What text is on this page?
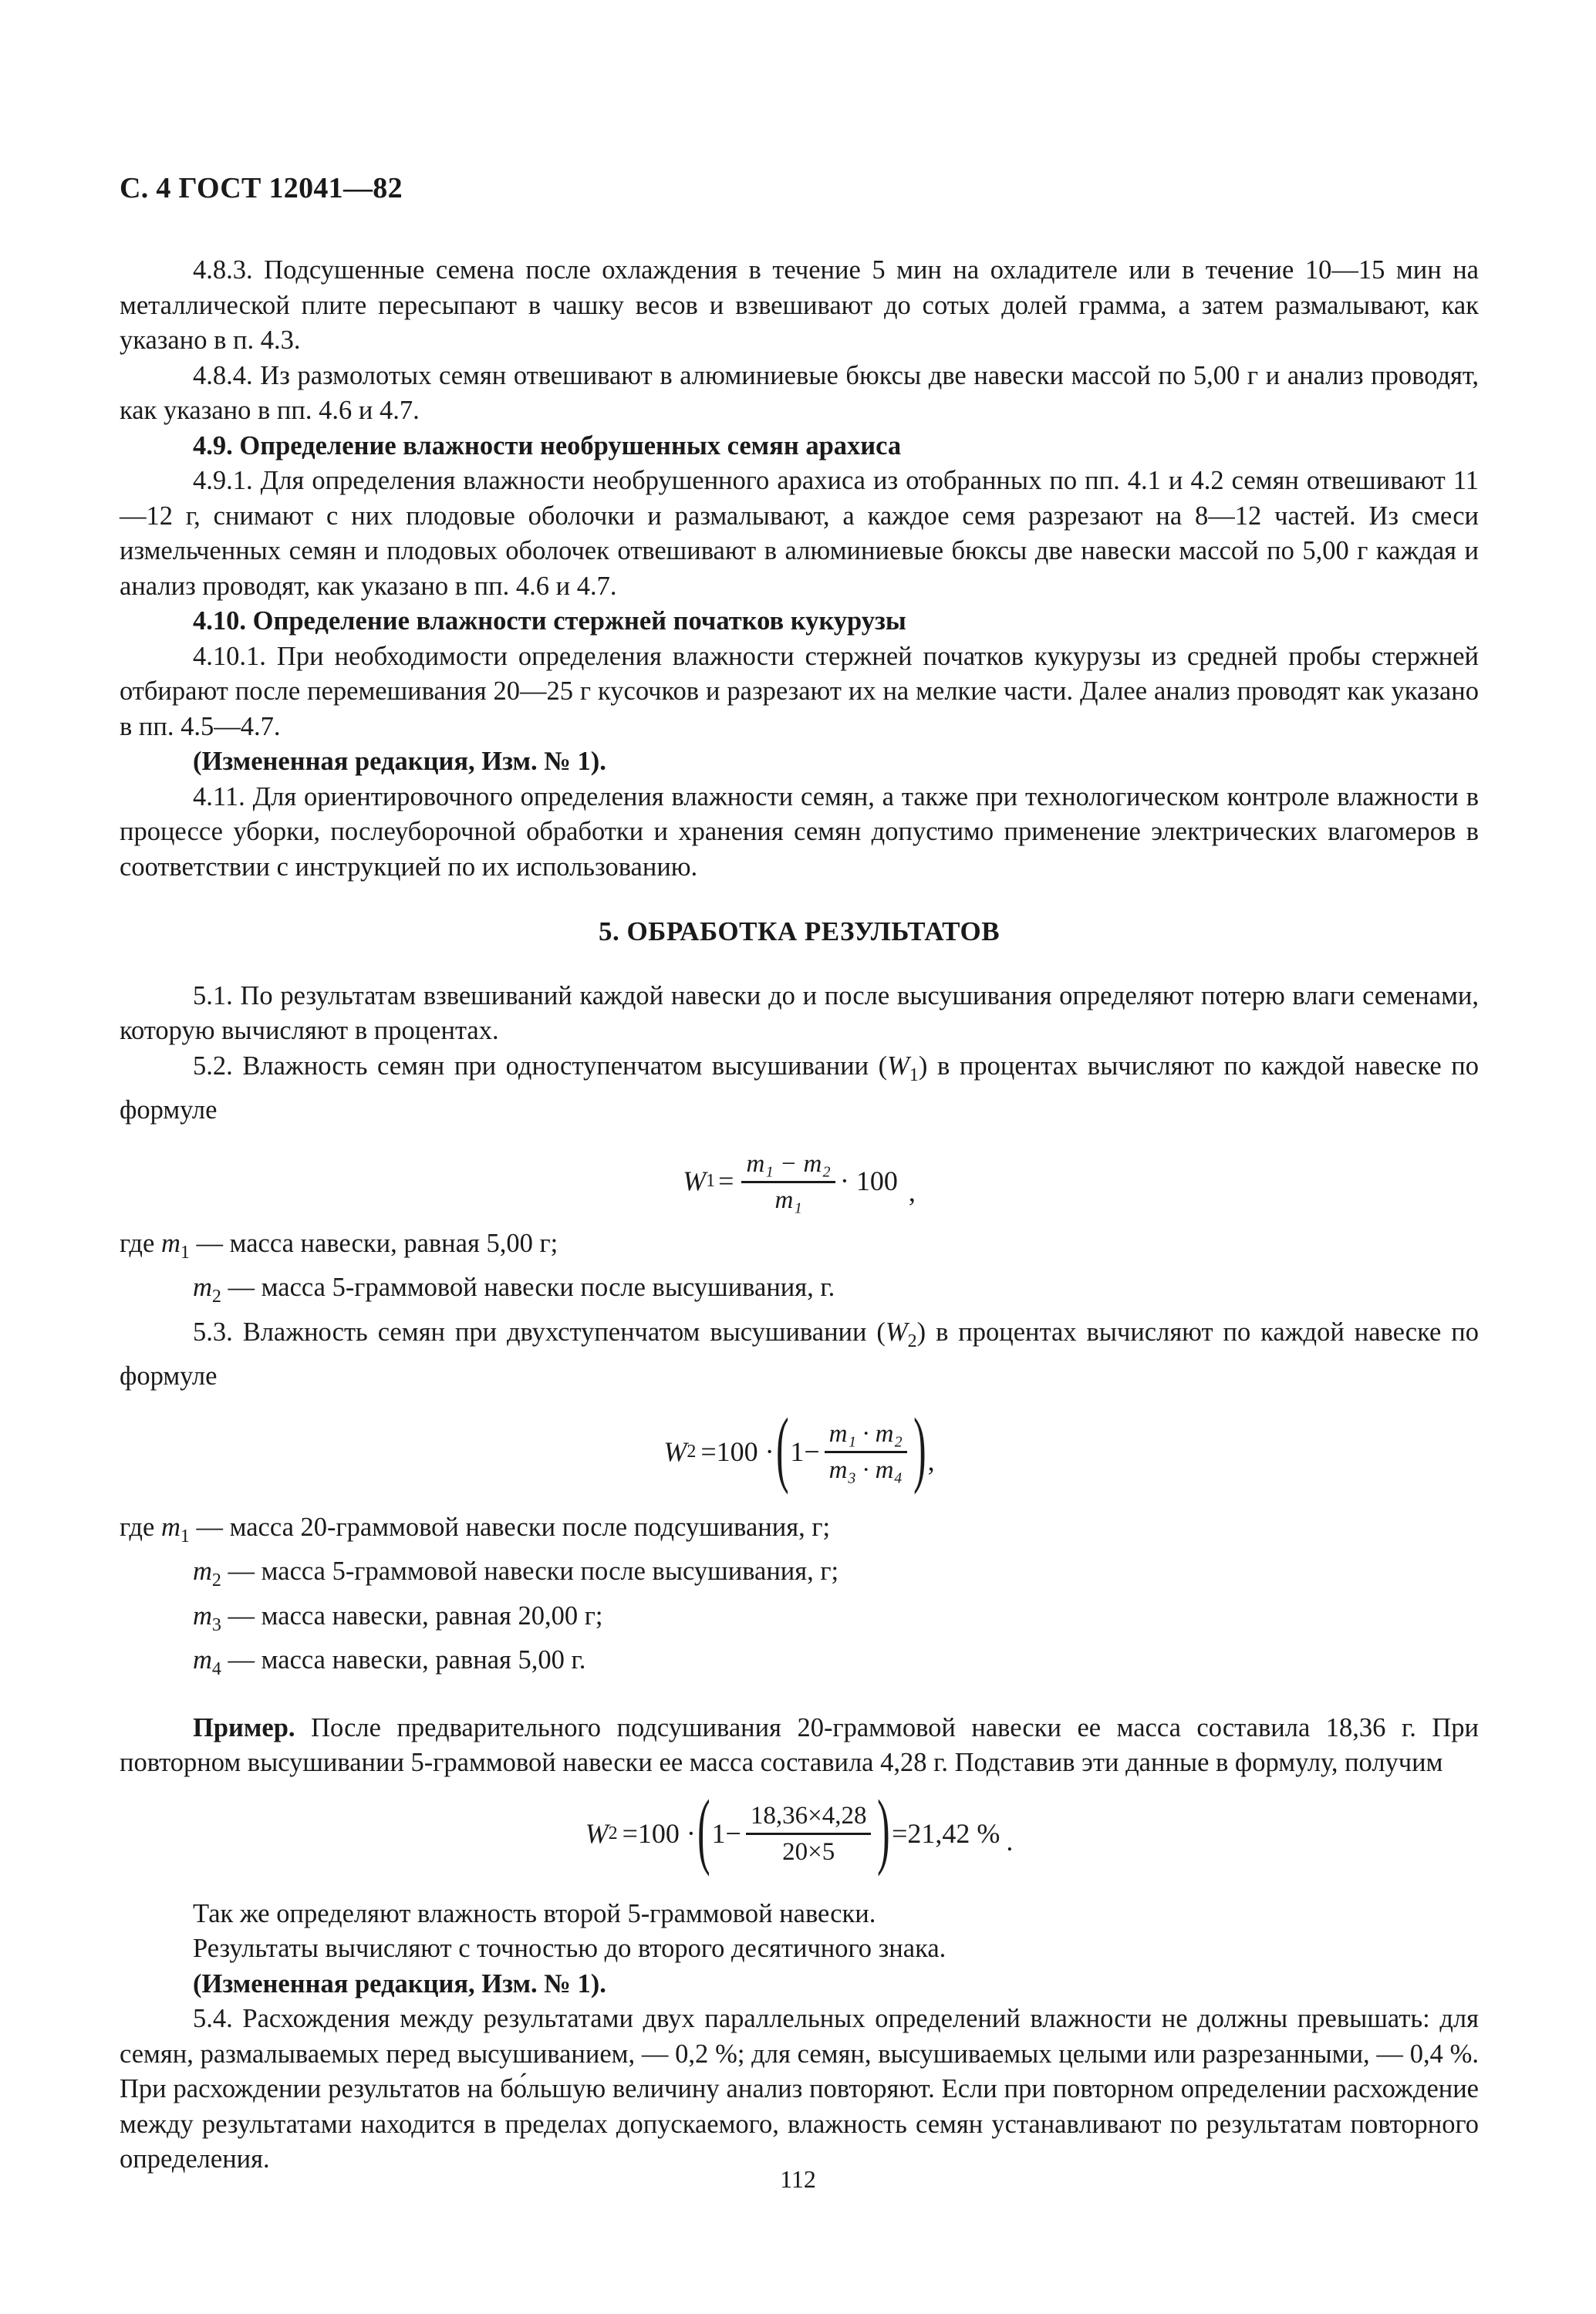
С. 4 ГОСТ 12041—82

4.8.3. Подсушенные семена после охлаждения в течение 5 мин на охладителе или в течение 10—15 мин на металлической плите пересыпают в чашку весов и взвешивают до сотых долей грамма, а затем размалывают, как указано в п. 4.3.

4.8.4. Из размолотых семян отвешивают в алюминиевые бюксы две навески массой по 5,00 г и анализ проводят, как указано в пп. 4.6 и 4.7.

4.9. Определение влажности необрушенных семян арахиса

4.9.1. Для определения влажности необрушенного арахиса из отобранных по пп. 4.1 и 4.2 семян отвешивают 11—12 г, снимают с них плодовые оболочки и размалывают, а каждое семя разрезают на 8—12 частей. Из смеси измельченных семян и плодовых оболочек отвешивают в алюминиевые бюксы две навески массой по 5,00 г каждая и анализ проводят, как указано в пп. 4.6 и 4.7.

4.10. Определение влажности стержней початков кукурузы

4.10.1. При необходимости определения влажности стержней початков кукурузы из средней пробы стержней отбирают после перемешивания 20—25 г кусочков и разрезают их на мелкие части. Далее анализ проводят как указано в пп. 4.5—4.7.

(Измененная редакция, Изм. № 1).

4.11. Для ориентировочного определения влажности семян, а также при технологическом контроле влажности в процессе уборки, послеуборочной обработки и хранения семян допустимо применение электрических влагомеров в соответствии с инструкцией по их использованию.

5. ОБРАБОТКА РЕЗУЛЬТАТОВ

5.1. По результатам взвешиваний каждой навески до и после высушивания определяют потерю влаги семенами, которую вычисляют в процентах.

5.2. Влажность семян при одноступенчатом высушивании $(W_1)$ в процентах вычисляют по каждой навеске по формуле

W $1 = \frac{\text{m₁ − m₂}}{\text{m₁}} \cdot 100$ ,

где $m_1$ — масса навески, равная 5,00 г;

$m_2$ — масса 5-граммовой навески после высушивания, г.

5.3. Влажность семян при двухступенчатом высушивании $(W_2)$ в процентах вычисляют по каждой навеске по формуле

W 2 =100 · ( $1- \frac{\text{m₁ · m₂}}{\text{m₃ · m₄}}$ ) ,

где $m_1$ — масса 20-граммовой навески после подсушивания, г;

$m_2$ — масса 5-граммовой навески после высушивания, г;

$m_3$ — масса навески, равная 20,00 г;

$m_4$ — масса навески, равная 5,00 г.

Пример. После предварительного подсушивания 20-граммовой навески ее масса составила 18,36 г. При повторном высушивании 5-граммовой навески ее масса составила 4,28 г. Подставив эти данные в формулу, получим

W 2 =100 · ( $1- \frac{18,36\times 4,28}{20\times 5}$ ) =21,42 % .

Так же определяют влажность второй 5-граммовой навески.

Результаты вычисляют с точностью до второго десятичного знака.

(Измененная редакция, Изм. № 1).

5.4. Расхождения между результатами двух параллельных определений влажности не должны превышать: для семян, размалываемых перед высушиванием, — 0,2 %; для семян, высушиваемых целыми или разрезанными, — 0,4 %. При расхождении результатов на бо́льшую величину анализ повторяют. Если при повторном определении расхождение между результатами находится в пределах допускаемого, влажность семян устанавливают по результатам повторного определения.

112
